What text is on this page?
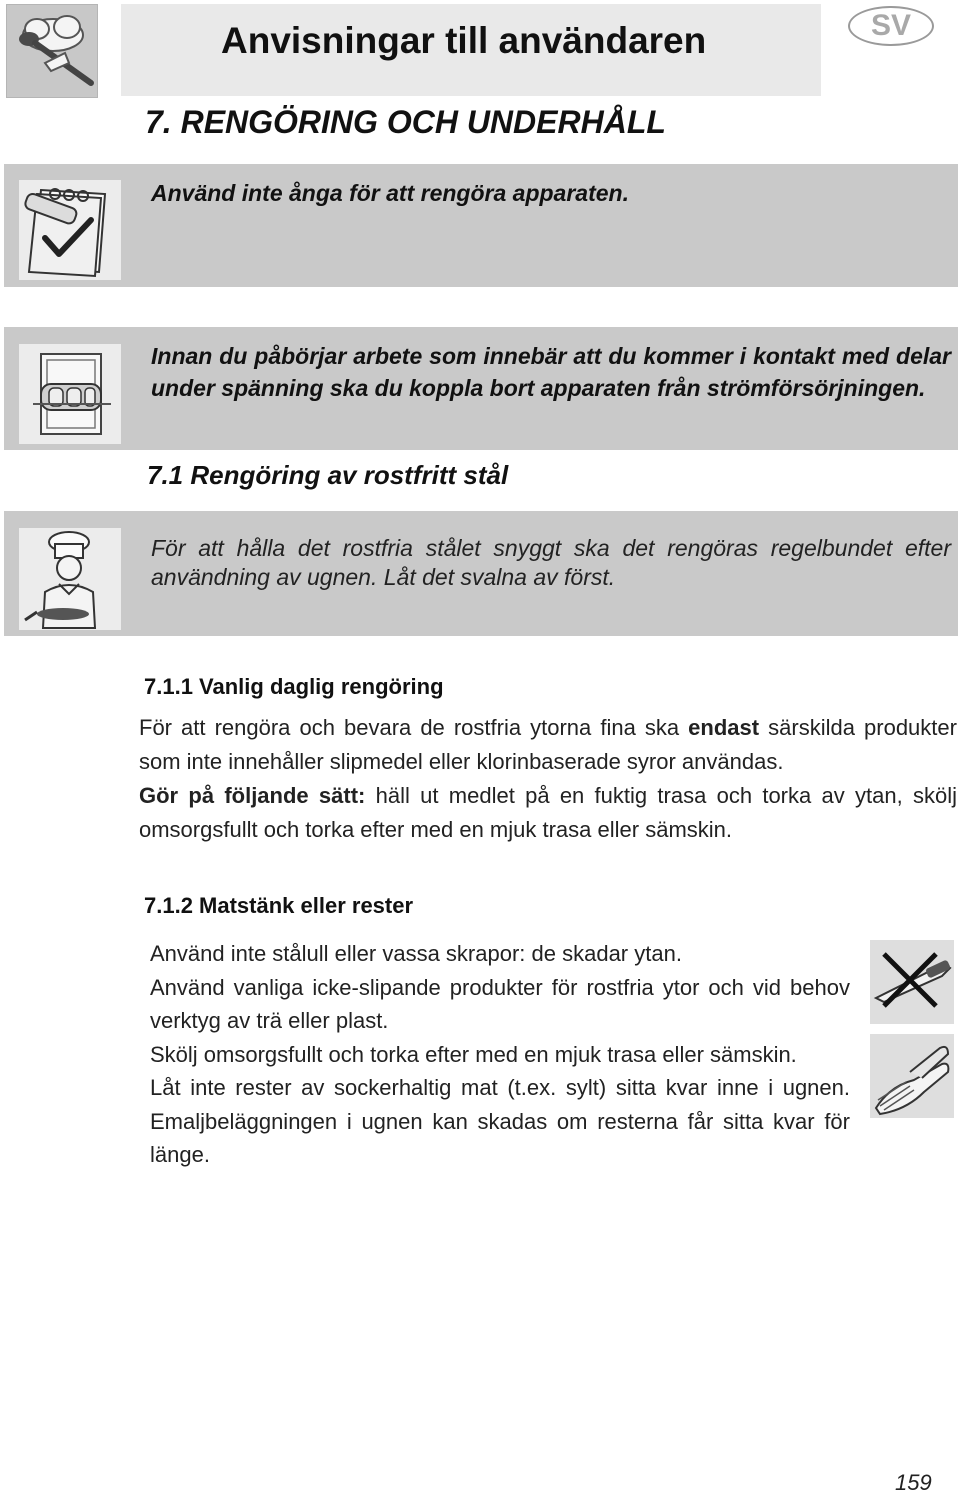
Anvisningar till användaren	SV
7. RENGÖRING OCH UNDERHÅLL
Använd inte ånga för att rengöra apparaten.
Innan du påbörjar arbete som innebär att du kommer i kontakt med delar under spänning ska du koppla bort apparaten från strömförsörjningen.
7.1 Rengöring av rostfritt stål
För att hålla det rostfria stålet snyggt ska det rengöras regelbundet efter användning av ugnen. Låt det svalna av först.
7.1.1 Vanlig daglig rengöring

För att rengöra och bevara de rostfria ytorna fina ska endast särskilda produkter som inte innehåller slipmedel eller klorinbaserade syror användas.

Gör på följande sätt: häll ut medlet på en fuktig trasa och torka av ytan, skölj omsorgsfullt och torka efter med en mjuk trasa eller sämskin.

7.1.2 Matstänk eller rester

Använd inte stålull eller vassa skrapor: de skadar ytan.

Använd vanliga icke-slipande produkter för rostfria ytor och vid behov verktyg av trä eller plast.

Skölj omsorgsfullt och torka efter med en mjuk trasa eller sämskin.

Låt inte rester av sockerhaltig mat (t.ex. sylt) sitta kvar inne i ugnen. Emaljbeläggningen i ugnen kan skadas om resterna får sitta kvar för länge.

159
